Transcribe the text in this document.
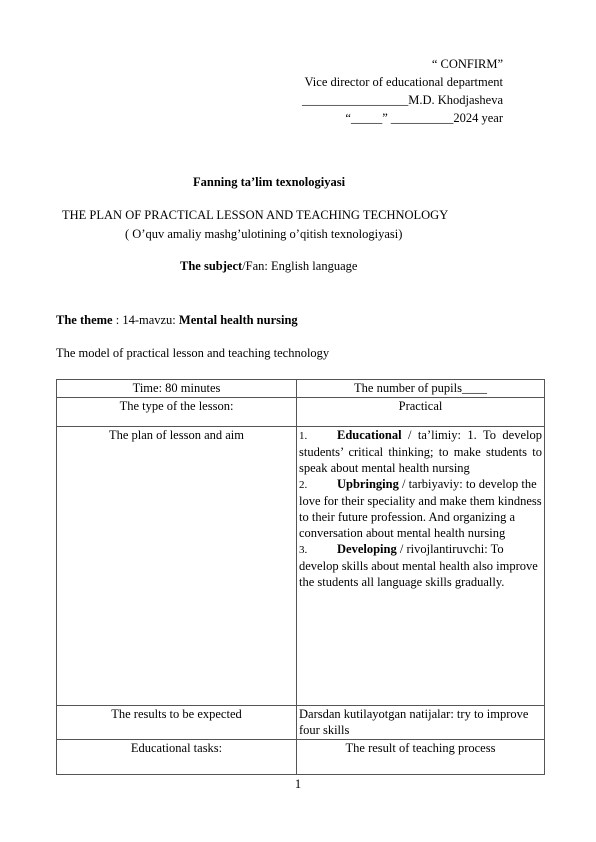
“ CONFIRM”
Vice director of educational department
_________________M.D. Khodjasheva
“_____” __________2024 year
Fanning ta’lim texnologiyasi
THE PLAN OF PRACTICAL LESSON AND TEACHING TECHNOLOGY
( O’quv amaliy mashg’ulotining o’qitish texnologiyasi)
The subject/Fan: English language
The theme : 14-mavzu: Mental health nursing
The model of practical lesson and teaching technology
Time: 80 minutes	The number of pupils____
The type of the lesson:	Practical
The plan of lesson and aim	1. Educational / ta’limiy: 1. To develop students’ critical thinking; to make students to speak about mental health nursing
2. Upbringing / tarbiyaviy: to develop the love for their speciality and make them kindness to their future profession. And organizing a conversation about mental health nursing
3. Developing / rivojlantiruvchi: To develop skills about mental health also improve the students all language skills gradually.

The results to be expected	Darsdan kutilayotgan natijalar: try to improve four skills
Educational tasks:	The result of teaching process
1
